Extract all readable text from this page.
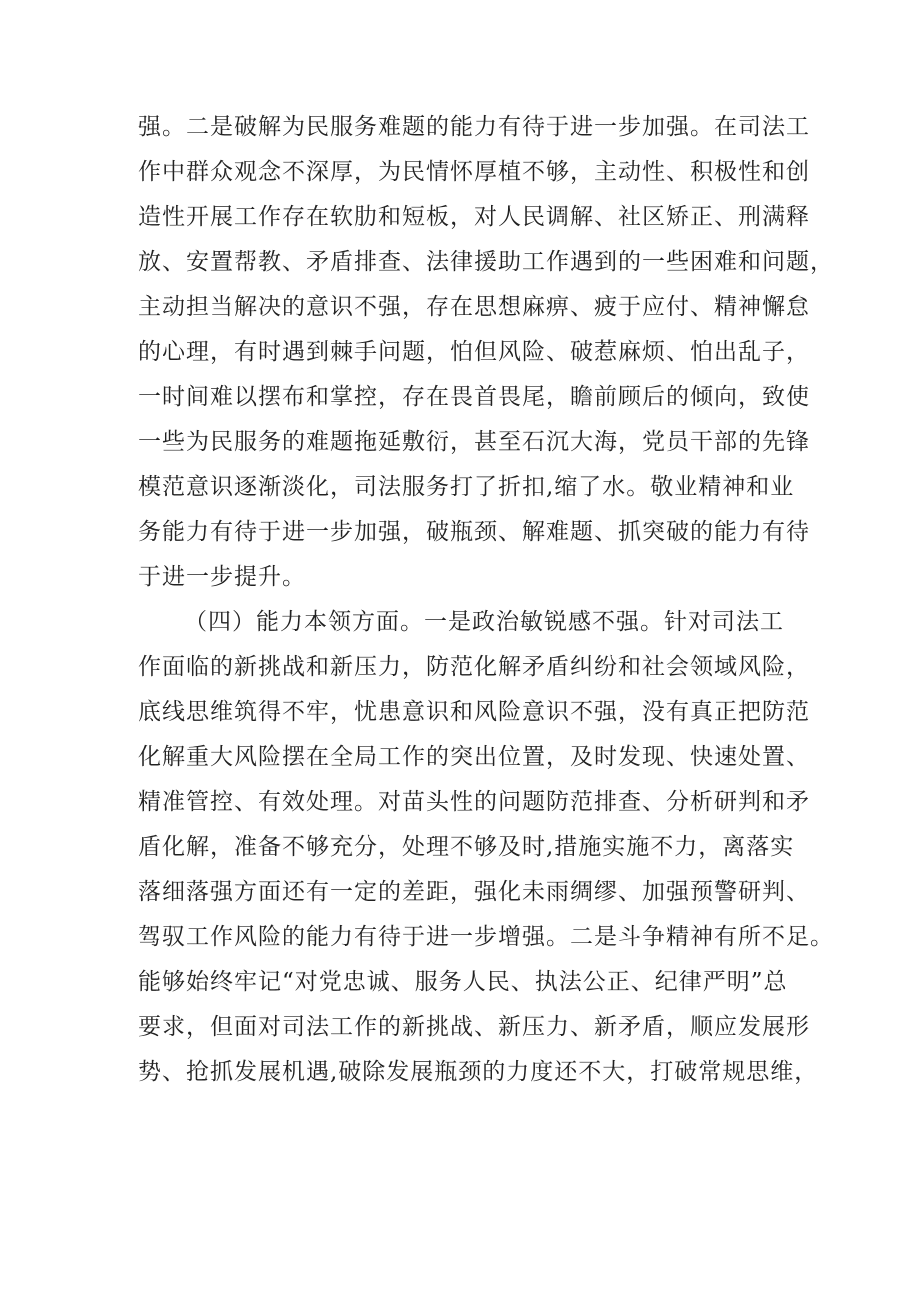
强。二是破解为民服务难题的能力有待于进一步加强。在司法工
作中群众观念不深厚，为民情怀厚植不够，主动性、积极性和创
造性开展工作存在软肋和短板，对人民调解、社区矫正、刑满释
放、安置帮教、矛盾排查、法律援助工作遇到的一些困难和问题，
主动担当解决的意识不强，存在思想麻痹、疲于应付、精神懈怠
的心理，有时遇到棘手问题，怕但风险、破惹麻烦、怕出乱子，
一时间难以摆布和掌控，存在畏首畏尾，瞻前顾后的倾向，致使
一些为民服务的难题拖延敷衍，甚至石沉大海，党员干部的先锋
模范意识逐渐淡化，司法服务打了折扣,缩了水。敬业精神和业
务能力有待于进一步加强，破瓶颈、解难题、抓突破的能力有待
于进一步提升。
（四）能力本领方面。一是政治敏锐感不强。针对司法工
作面临的新挑战和新压力，防范化解矛盾纠纷和社会领域风险，
底线思维筑得不牢，忧患意识和风险意识不强，没有真正把防范
化解重大风险摆在全局工作的突出位置，及时发现、快速处置、
精准管控、有效处理。对苗头性的问题防范排查、分析研判和矛
盾化解，准备不够充分，处理不够及时,措施实施不力，离落实
落细落强方面还有一定的差距，强化未雨绸缪、加强预警研判、
驾驭工作风险的能力有待于进一步增强。二是斗争精神有所不足。
能够始终牢记“对党忠诚、服务人民、执法公正、纪律严明”总
要求，但面对司法工作的新挑战、新压力、新矛盾，顺应发展形
势、抢抓发展机遇,破除发展瓶颈的力度还不大，打破常规思维，
